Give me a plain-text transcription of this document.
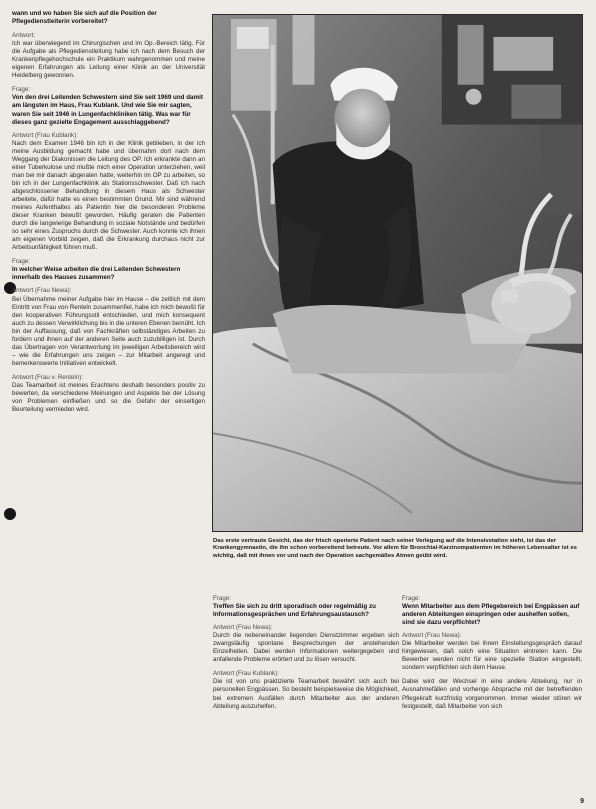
wann und wo haben Sie sich auf die Position der Pflegedienstleiterin vorbereitet?
Antwort:
Ich war überwiegend im Chirurgischen und im Op.-Bereich tätig. Für die Aufgabe als Pflegedienstleitung habe ich nach dem Besuch der Krankenpflegehochschule ein Praktikum wahrgenommen und meine eigenen Erfahrungen als Leitung einer Klinik an der Universität Heidelberg gewonnen.
Frage:
Von den drei Leitenden Schwestern sind Sie seit 1969 und damit am längsten im Haus, Frau Kublank. Und wie Sie mir sagten, waren Sie seit 1946 in Lungenfachkliniken tätig. Was war für dieses ganz gezielte Engagement ausschlaggebend?
Antwort (Frau Kublank):
Nach dem Examen 1946 bin ich in der Klinik geblieben, in der ich meine Ausbildung gemacht habe und übernahm dort nach dem Weggang der Diakonissen die Leitung des OP. Ich erkrankte dann an einer Tuberkulose und mußte mich einer Operation unterziehen, weil man bei mir danach abgeraten hatte, weiterhin im OP zu arbeiten, so bin ich in der Lungenfachklinik als Stationsschwester. Daß ich nach abgeschlossener Behandlung in diesem Haus als Schwester arbeitete, dafür hatte es einen bestimmten Grund. Mir sind während meines Aufenthaltes als Patientin hier die besonderen Probleme dieser Kranken bewußt geworden. Häufig geraten die Patienten durch die langwierige Behandlung in soziale Notstände und bedürfen so sehr eines Zuspruchs durch die Schwester. Auch konnte ich ihnen am eigenen Vorbild zeigen, daß die Erkrankung durchaus nicht zur Arbeitsunfähigkeit führen muß.
Frage:
In welcher Weise arbeiten die drei Leitenden Schwestern innerhalb des Hauses zusammen?
Antwort (Frau Newa):
Bei Übernahme meiner Aufgabe hier im Hause – die zeitlich mit dem Eintritt von Frau von Renteln zusammenfiel, habe ich mich bewußt für den kooperativen Führungsstil entschieden, und mich konsequent auch zu dessen Verwirklichung bis in die unteren Ebenen bemüht. Ich bin der Auffassung, daß von Fachkräften selbständiges Arbeiten zu fordern und ihnen auf der anderen Seite auch zuzubilligen ist. Durch das Übertragen von Verantwortung im jeweiligen Arbeitsbereich wird – wie die Erfahrungen uns zeigen – zur Mitarbeit angeregt und bemerkenswerte Initiativen entwickelt.
Antwort (Frau v. Renteln):
Das Teamarbeit ist meines Erachtens deshalb besonders positiv zu bewerten, da verschiedene Meinungen und Aspekte bei der Lösung von Problemen einfließen und so die Gefahr der einseitigen Beurteilung vermieden wird.
Das erste vertraute Gesicht, das der frisch operierte Patient nach seiner Verlegung auf die Intensivstation sieht, ist das der Krankengymnastin, die ihn schon vorbereitend betreute. Vor allem für Bronchial-Karzinompatienten im höheren Lebensalter ist es wichtig, daß mit ihnen vor und nach der Operation sachgemäßes Atmen geübt wird.
Frage:
Treffen Sie sich zu dritt sporadisch oder regelmäßig zu Informationsgesprächen und Erfahrungsaustausch?
Antwort (Frau Newa):
Durch die nebeneinander liegenden Dienstzimmer ergeben sich zwangsläufig spontane Besprechungen der anstehenden Einzelheiten. Dabei werden Informationen weitergegeben und anfallende Probleme erörtert und zu lösen versucht.
Antwort (Frau Kublank):
Die ist von uns praktizierte Teamarbeit bewährt sich auch bei personellen Engpässen. So besteht beispielsweise die Möglichkeit, bei extremen Ausfällen durch Mitarbeiter aus der anderen Abteilung auszuhelfen.
Frage:
Wenn Mitarbeiter aus dem Pflegebereich bei Engpässen auf anderen Abteilungen einspringen oder aushelfen sollen, sind sie dazu verpflichtet?
Antwort (Frau Newa):
Die Mitarbeiter werden bei ihrem Einstellungsgespräch darauf hingewiesen, daß solch eine Situation eintreten kann. Die Bewerber werden nicht für eine spezielle Station eingestellt, sondern verpflichten sich dem Hause.
Dabei wird der Wechsel in eine andere Abteilung, nur in Ausnahmefällen und vorherige Absprache mit der betreffenden Pflegekraft kurzfristig vorgenommen. Immer wieder stören wir festgestellt, daß Mitarbeiter von sich
9
